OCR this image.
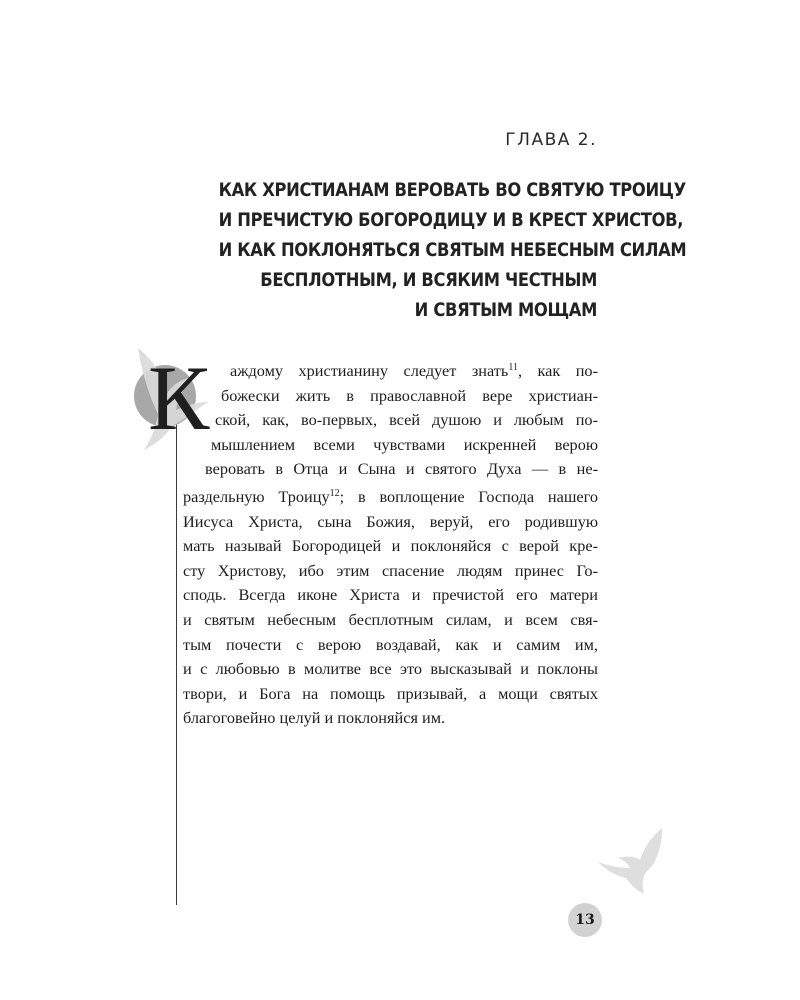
ГЛАВА 2.
КАК ХРИСТИАНАМ ВЕРОВАТЬ ВО СВЯТУЮ ТРОИЦУ
И ПРЕЧИСТУЮ БОГОРОДИЦУ И В КРЕСТ ХРИСТОВ,
И КАК ПОКЛОНЯТЬСЯ СВЯТЫМ НЕБЕСНЫМ СИЛАМ
БЕСПЛОТНЫМ, И ВСЯКИМ ЧЕСТНЫМ
И СВЯТЫМ МОЩАМ
К	аждому христианину следует знать$^{11}$, как по-
божески жить в православной вере христиан-
ской, как, во-первых, всей душою и любым по-
мышлением всеми чувствами искренней верою
веровать в Отца и Сына и святого Духа — в не-
раздельную Троицу$^{12}$; в воплощение Господа нашего
Иисуса Христа, сына Божия, веруй, его родившую
мать называй Богородицей и поклоняйся с верой кре-
сту Христову, ибо этим спасение людям принес Го-
сподь. Всегда иконе Христа и пречистой его матери
и святым небесным бесплотным силам, и всем свя-
тым почести с верою воздавай, как и самим им,
и с любовью в молитве все это высказывай и поклоны
твори, и Бога на помощь призывай, а мощи святых
благоговейно целуй и поклоняйся им.
13
